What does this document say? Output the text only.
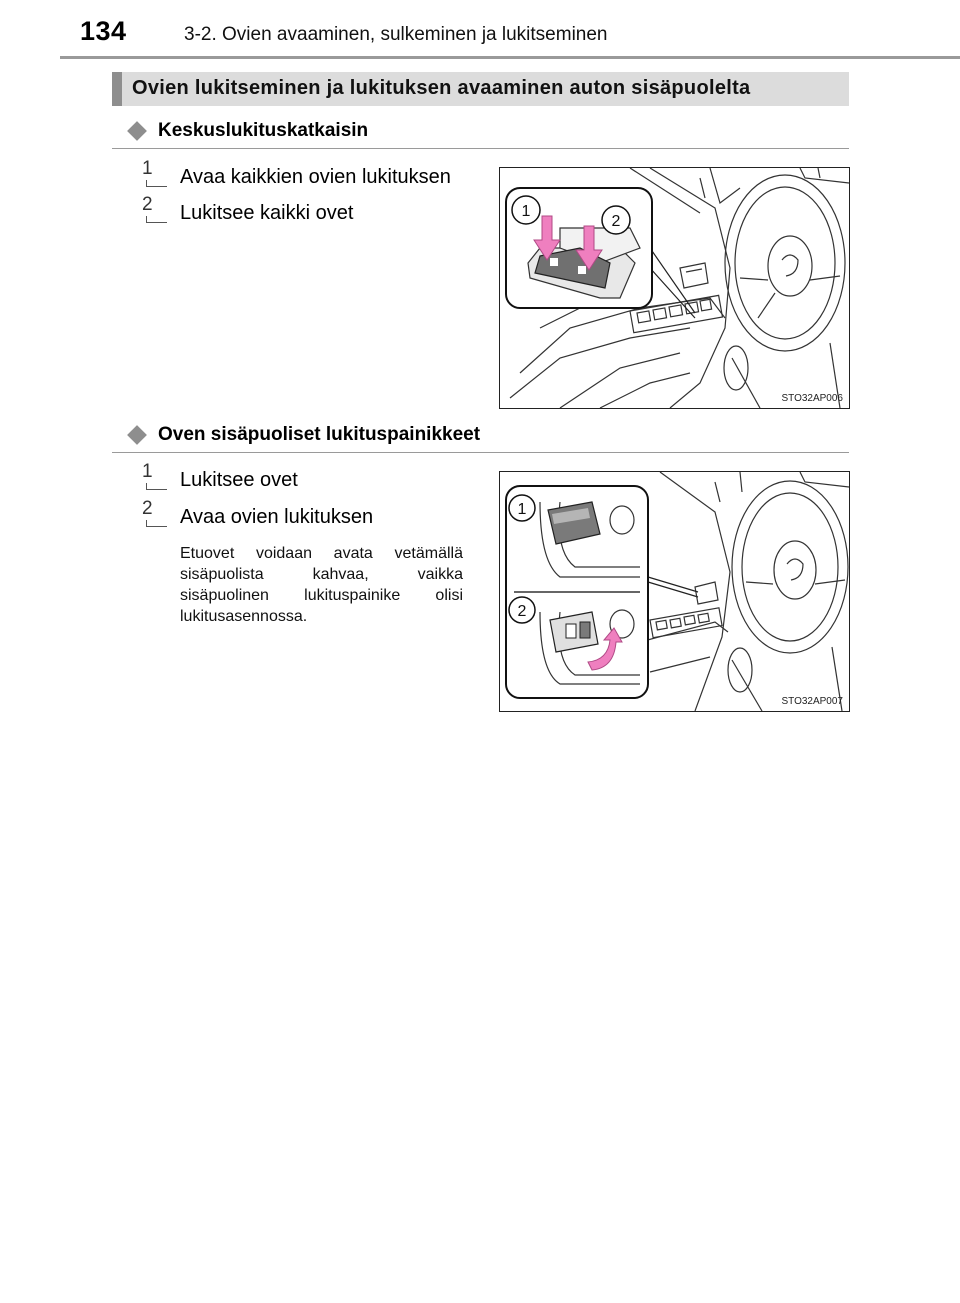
134	3-2. Ovien avaaminen, sulkeminen ja lukitseminen
Ovien lukitseminen ja lukituksen avaaminen auton sisäpuolelta
Keskuslukituskatkaisin
1	Avaa kaikkien ovien lukituksen
2	Lukitsee kaikki ovet	1
2
STO32AP006
Oven sisäpuoliset lukituspainikkeet
1	Lukitsee ovet
2	Avaa ovien lukituksen
Etuovet voidaan avata vetämällä sisäpuolista kahvaa, vaikka sisäpuolinen lukituspainike olisi lukitusasennossa.
1
2
STO32AP007
